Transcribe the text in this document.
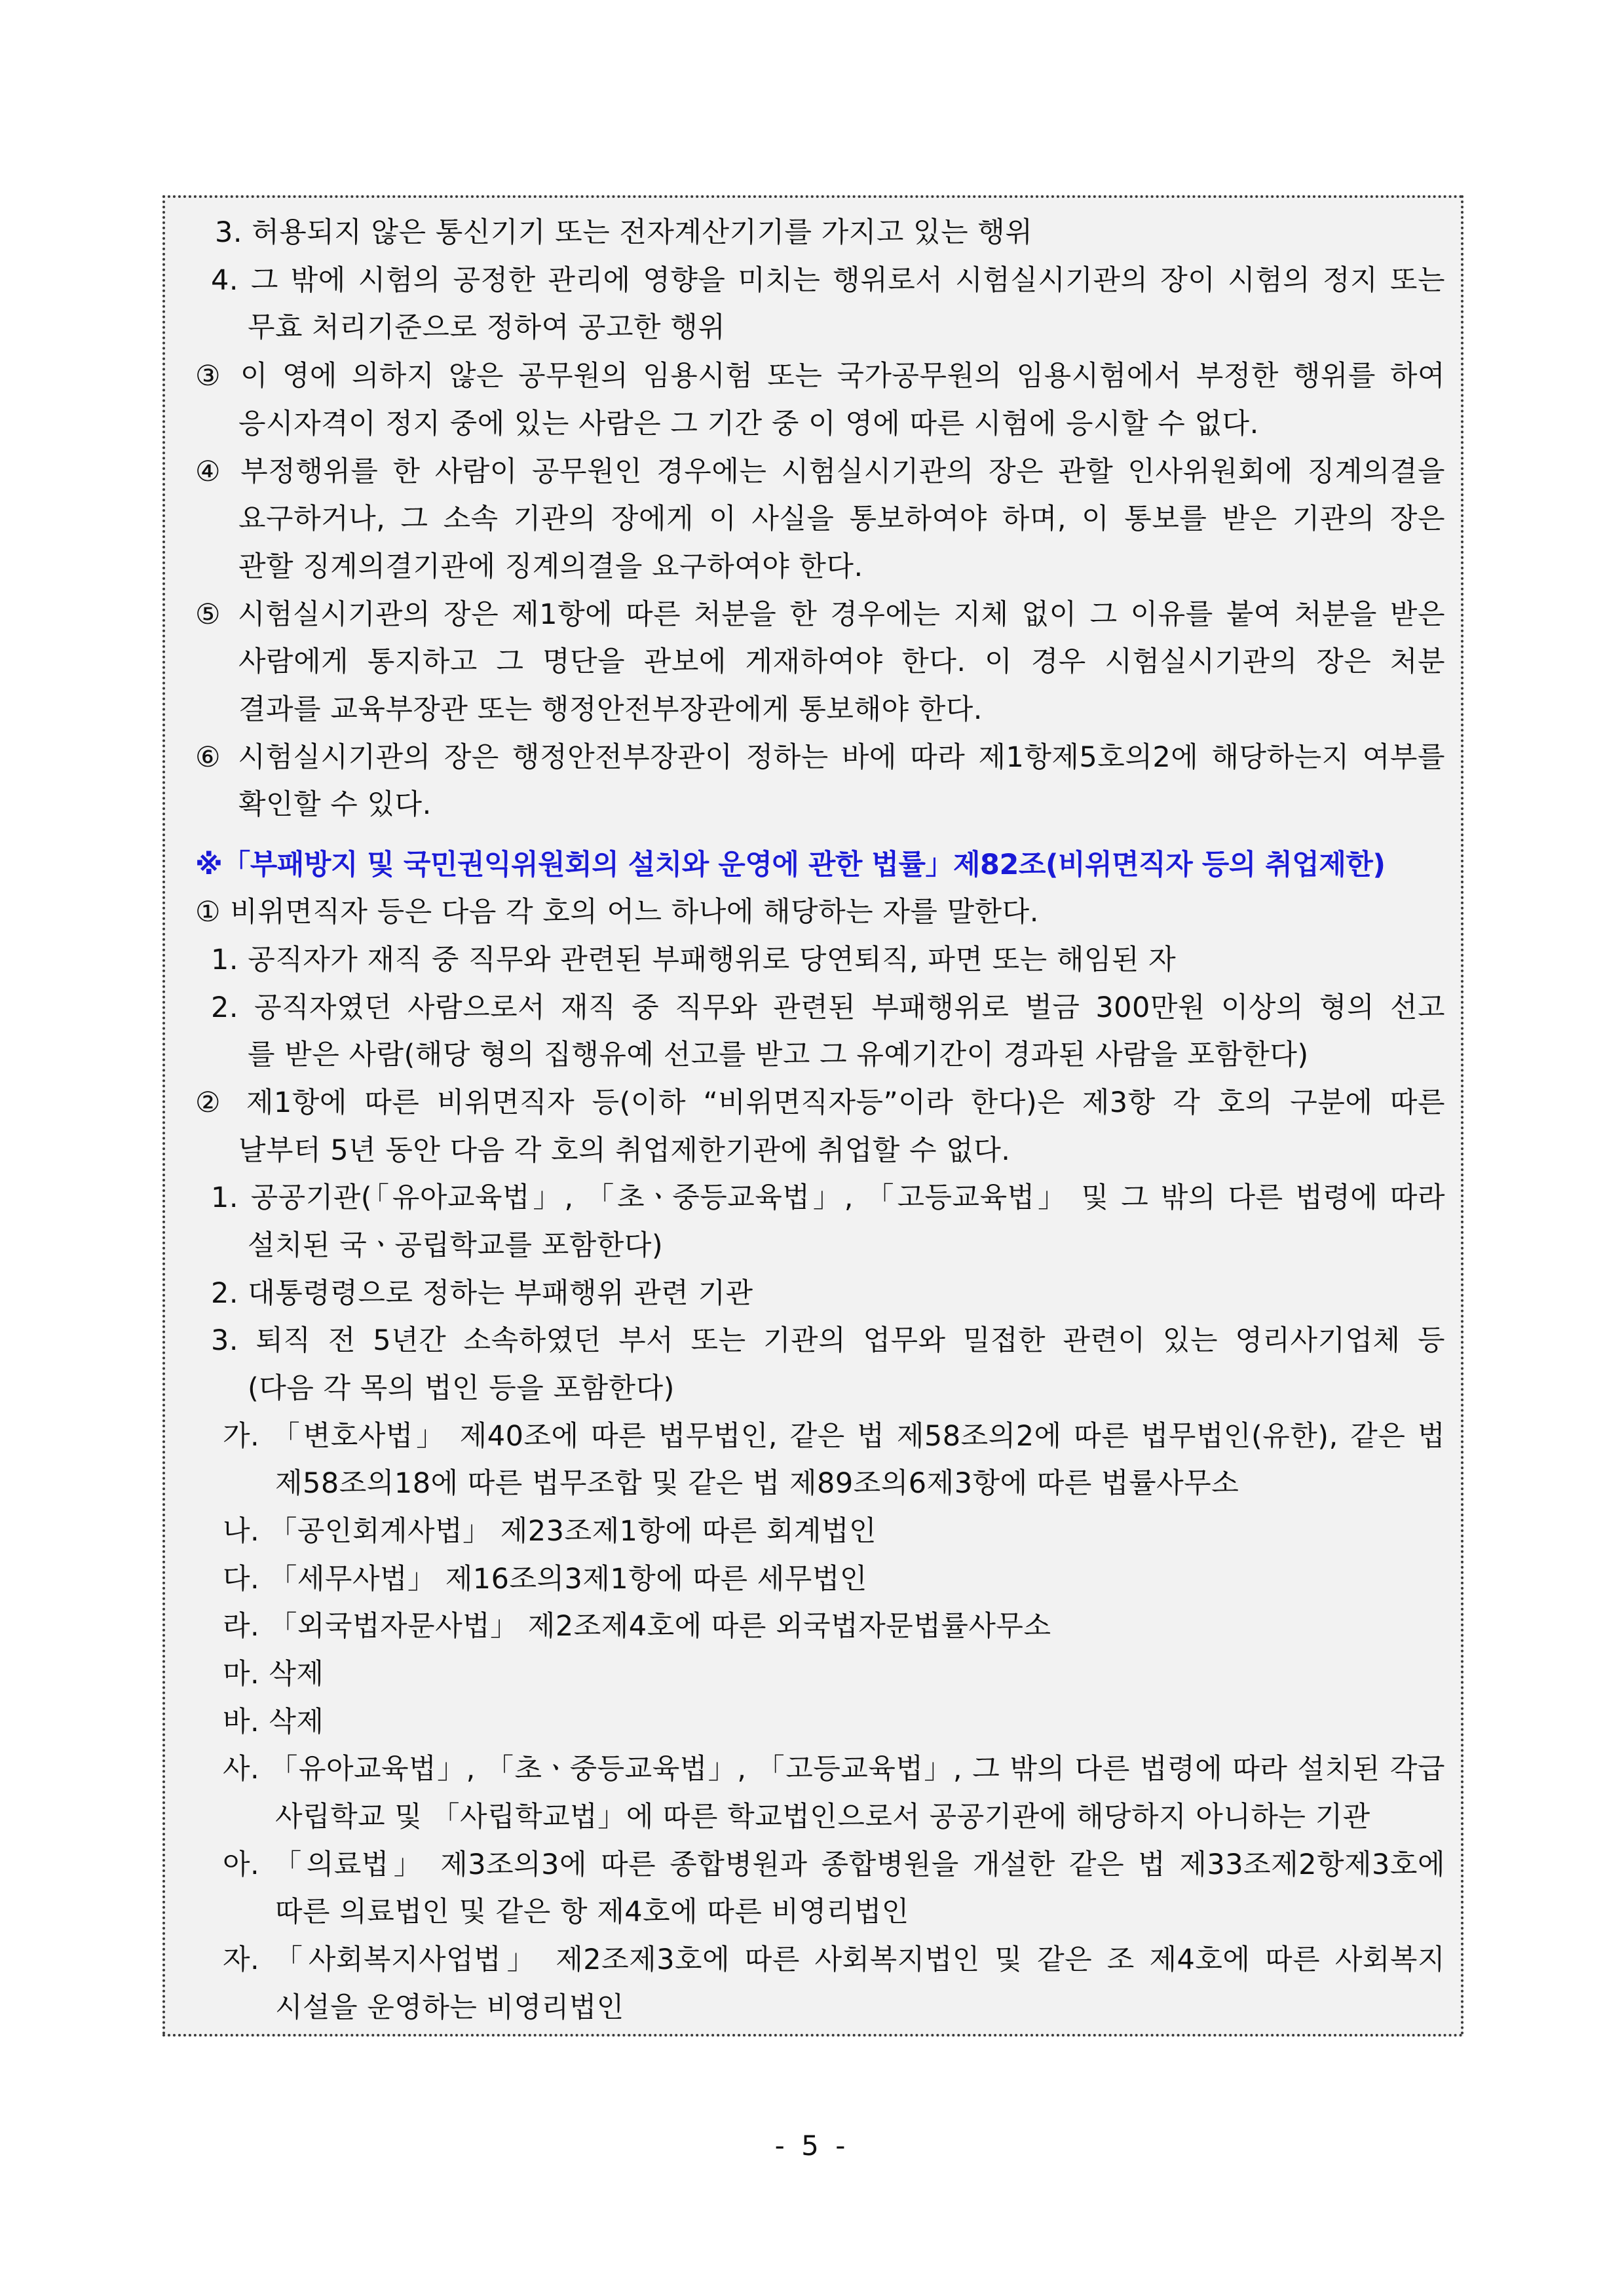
3. 허용되지 않은 통신기기 또는 전자계산기기를 가지고 있는 행위
4. 그 밖에 시험의 공정한 관리에 영향을 미치는 행위로서 시험실시기관의 장이 시험의 정지 또는
무효 처리기준으로 정하여 공고한 행위
③ 이 영에 의하지 않은 공무원의 임용시험 또는 국가공무원의 임용시험에서 부정한 행위를 하여
응시자격이 정지 중에 있는 사람은 그 기간 중 이 영에 따른 시험에 응시할 수 없다.
④ 부정행위를 한 사람이 공무원인 경우에는 시험실시기관의 장은 관할 인사위원회에 징계의결을
요구하거나, 그 소속 기관의 장에게 이 사실을 통보하여야 하며, 이 통보를 받은 기관의 장은
관할 징계의결기관에 징계의결을 요구하여야 한다.
⑤ 시험실시기관의 장은 제1항에 따른 처분을 한 경우에는 지체 없이 그 이유를 붙여 처분을 받은
사람에게 통지하고 그 명단을 관보에 게재하여야 한다. 이 경우 시험실시기관의 장은 처분
결과를 교육부장관 또는 행정안전부장관에게 통보해야 한다.
⑥ 시험실시기관의 장은 행정안전부장관이 정하는 바에 따라 제1항제5호의2에 해당하는지 여부를
확인할 수 있다.
※「부패방지 및 국민권익위원회의 설치와 운영에 관한 법률」제82조(비위면직자 등의 취업제한)
① 비위면직자 등은 다음 각 호의 어느 하나에 해당하는 자를 말한다.
1. 공직자가 재직 중 직무와 관련된 부패행위로 당연퇴직, 파면 또는 해임된 자
2. 공직자였던 사람으로서 재직 중 직무와 관련된 부패행위로 벌금 300만원 이상의 형의 선고
를 받은 사람(해당 형의 집행유예 선고를 받고 그 유예기간이 경과된 사람을 포함한다)
② 제1항에 따른 비위면직자 등(이하 “비위면직자등”이라 한다)은 제3항 각 호의 구분에 따른
날부터 5년 동안 다음 각 호의 취업제한기관에 취업할 수 없다.
1. 공공기관(「유아교육법」, 「초ㆍ중등교육법」, 「고등교육법」 및 그 밖의 다른 법령에 따라
설치된 국ㆍ공립학교를 포함한다)
2. 대통령령으로 정하는 부패행위 관련 기관
3. 퇴직 전 5년간 소속하였던 부서 또는 기관의 업무와 밀접한 관련이 있는 영리사기업체 등
(다음 각 목의 법인 등을 포함한다)
가. 「변호사법」 제40조에 따른 법무법인, 같은 법 제58조의2에 따른 법무법인(유한), 같은 법
제58조의18에 따른 법무조합 및 같은 법 제89조의6제3항에 따른 법률사무소
나. 「공인회계사법」 제23조제1항에 따른 회계법인
다. 「세무사법」 제16조의3제1항에 따른 세무법인
라. 「외국법자문사법」 제2조제4호에 따른 외국법자문법률사무소
마. 삭제
바. 삭제
사. 「유아교육법」, 「초ㆍ중등교육법」, 「고등교육법」, 그 밖의 다른 법령에 따라 설치된 각급
사립학교 및 「사립학교법」에 따른 학교법인으로서 공공기관에 해당하지 아니하는 기관
아. 「의료법」 제3조의3에 따른 종합병원과 종합병원을 개설한 같은 법 제33조제2항제3호에
따른 의료법인 및 같은 항 제4호에 따른 비영리법인
자. 「사회복지사업법」 제2조제3호에 따른 사회복지법인 및 같은 조 제4호에 따른 사회복지
시설을 운영하는 비영리법인
- 5 -
